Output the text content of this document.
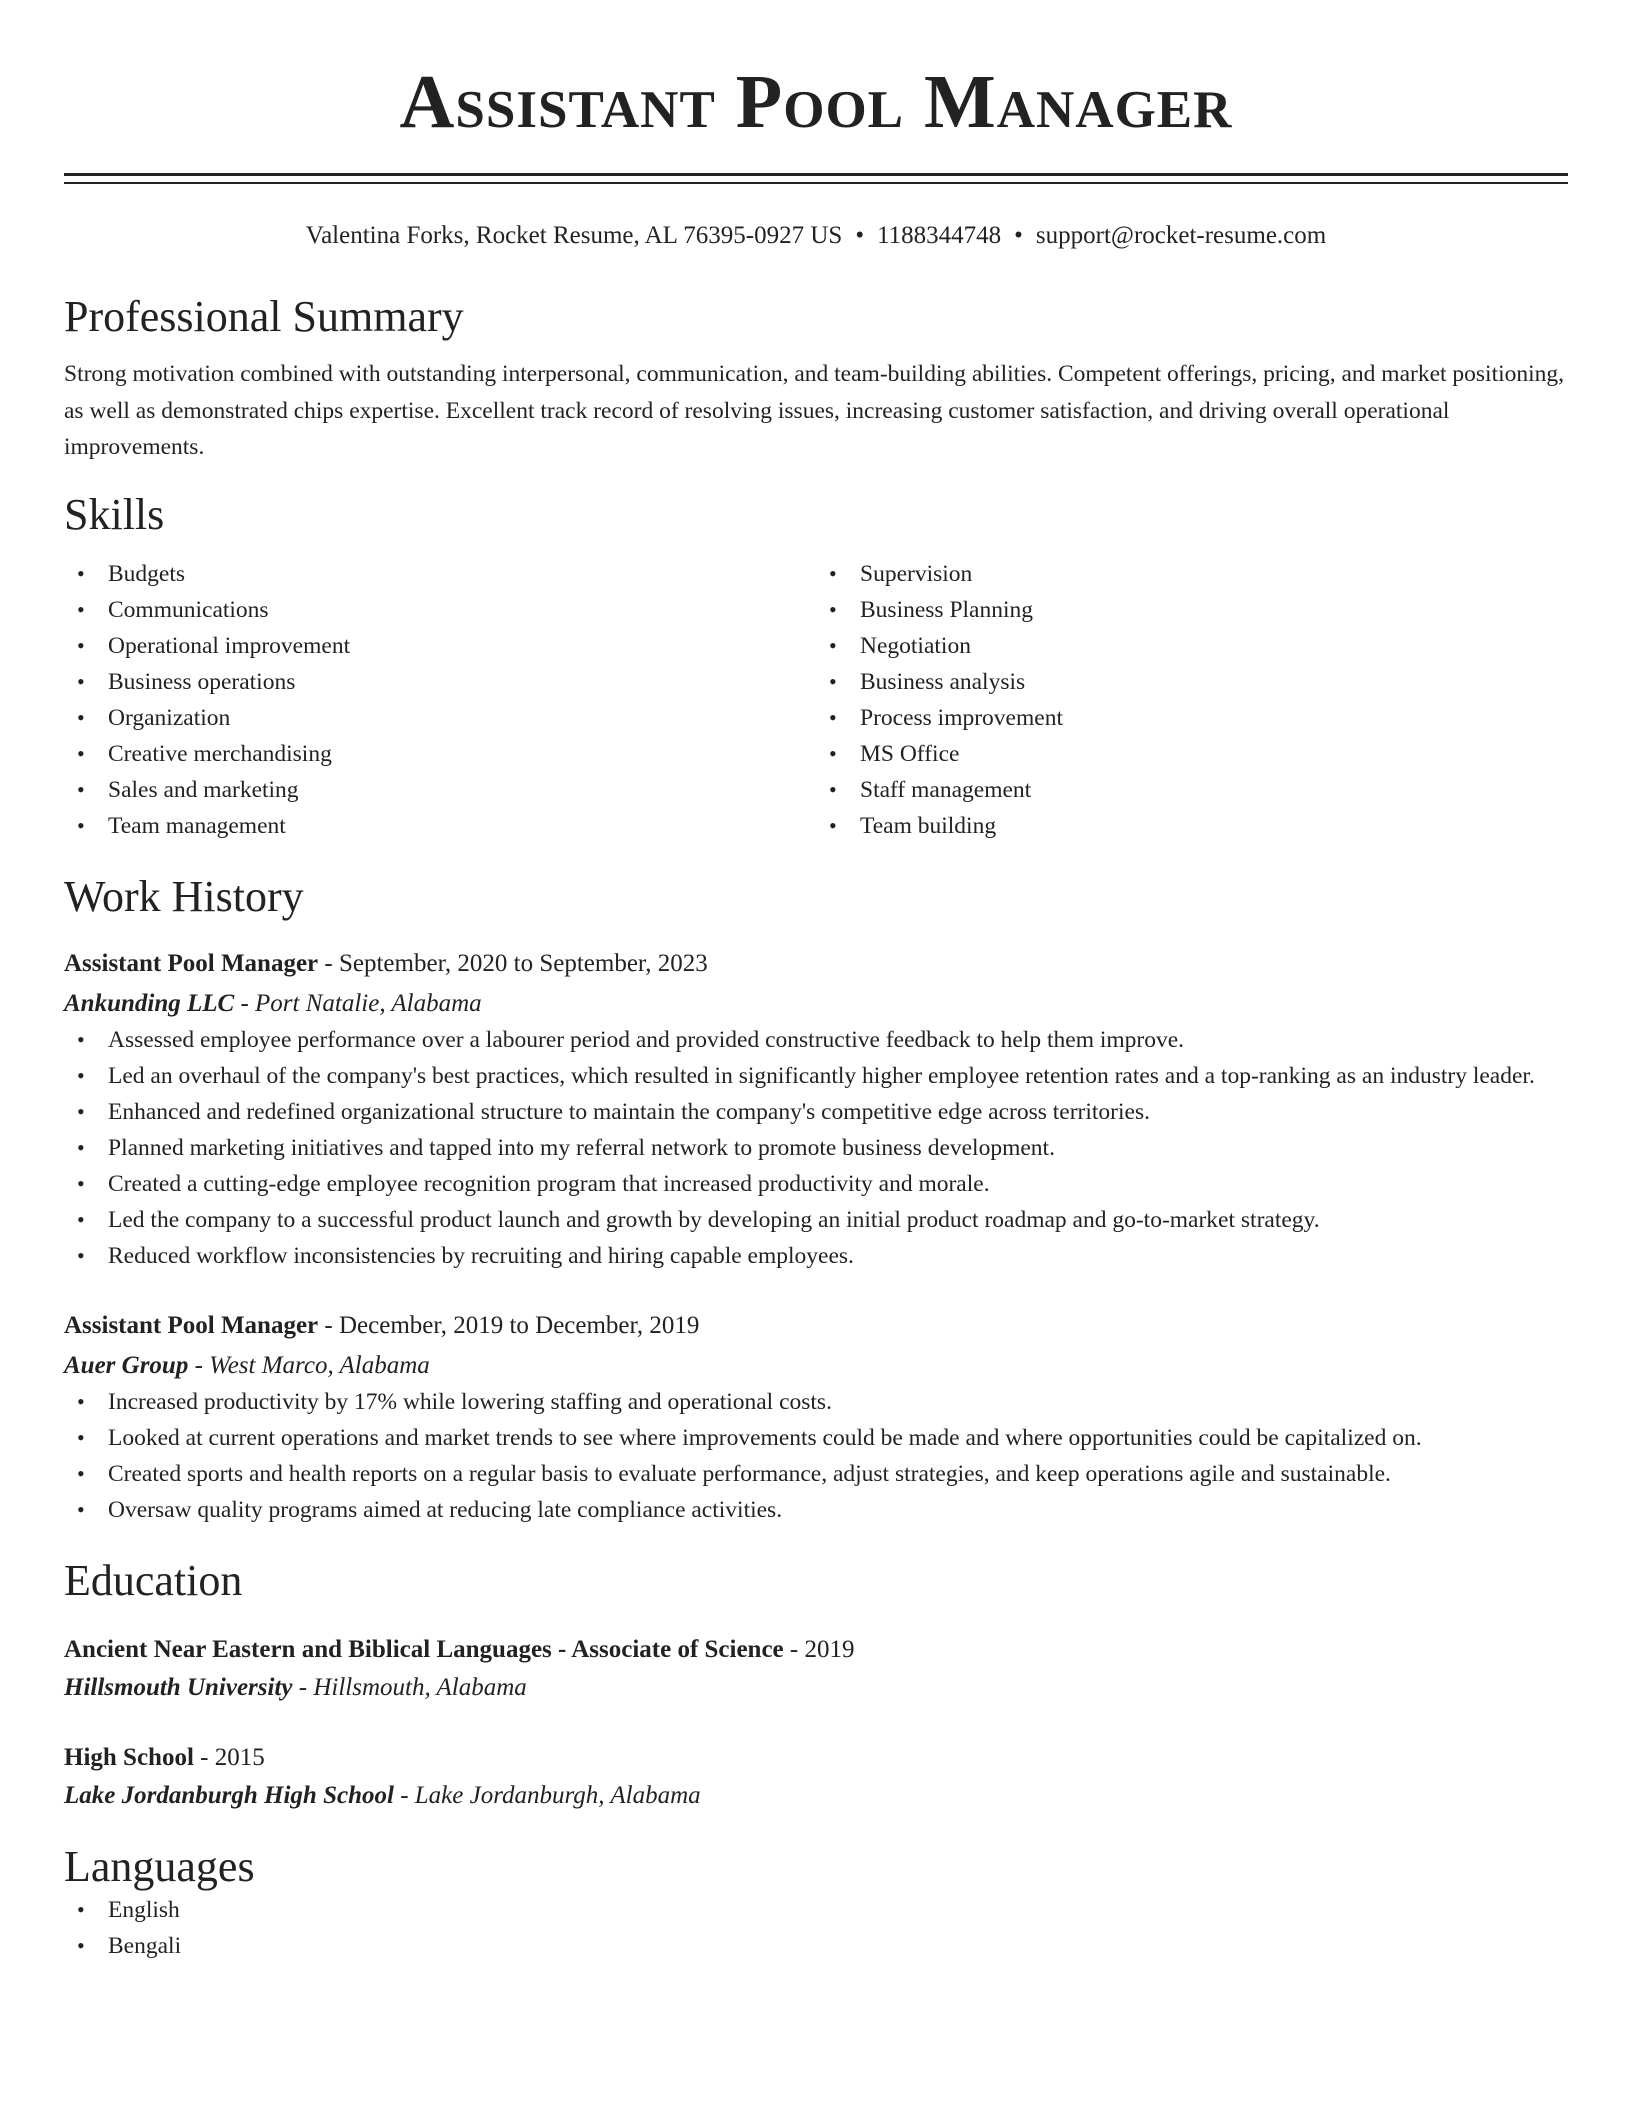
Assistant Pool Manager
Valentina Forks, Rocket Resume, AL 76395-0927 US • 1188344748 • support@rocket-resume.com
Professional Summary

Strong motivation combined with outstanding interpersonal, communication, and team-building abilities. Competent offerings, pricing, and market positioning, as well as demonstrated chips expertise. Excellent track record of resolving issues, increasing customer satisfaction, and driving overall operational improvements.

Skills
• Budgets
• Communications
• Operational improvement
• Business operations
• Organization
• Creative merchandising
• Sales and marketing
• Team management
• Supervision
• Business Planning
• Negotiation
• Business analysis
• Process improvement
• MS Office
• Staff management
• Team building
Work History
Assistant Pool Manager - September, 2020 to September, 2023
Ankunding LLC - Port Natalie, Alabama
• Assessed employee performance over a labourer period and provided constructive feedback to help them improve.
• Led an overhaul of the company's best practices, which resulted in significantly higher employee retention rates and a top-ranking as an industry leader.
• Enhanced and redefined organizational structure to maintain the company's competitive edge across territories.
• Planned marketing initiatives and tapped into my referral network to promote business development.
• Created a cutting-edge employee recognition program that increased productivity and morale.
• Led the company to a successful product launch and growth by developing an initial product roadmap and go-to-market strategy.
• Reduced workflow inconsistencies by recruiting and hiring capable employees.
Assistant Pool Manager - December, 2019 to December, 2019
Auer Group - West Marco, Alabama
• Increased productivity by 17% while lowering staffing and operational costs.
• Looked at current operations and market trends to see where improvements could be made and where opportunities could be capitalized on.
• Created sports and health reports on a regular basis to evaluate performance, adjust strategies, and keep operations agile and sustainable.
• Oversaw quality programs aimed at reducing late compliance activities.
Education
Ancient Near Eastern and Biblical Languages - Associate of Science - 2019
Hillsmouth University - Hillsmouth, Alabama
High School - 2015
Lake Jordanburgh High School - Lake Jordanburgh, Alabama
Languages
• English
• Bengali
